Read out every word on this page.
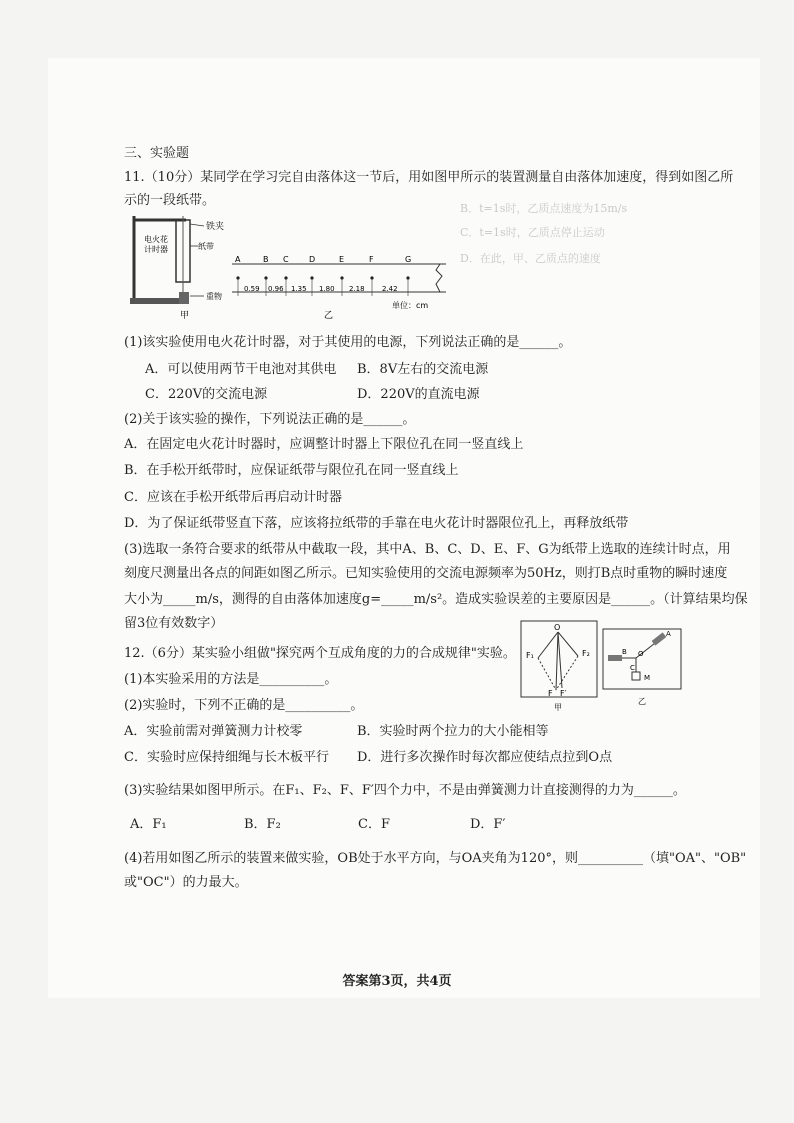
B．t=1s时，乙质点速度为15m/s
C．t=1s时，乙质点停止运动
D．在此，甲、乙质点的速度
三、实验题
11.（10分）某同学在学习完自由落体这一节后，用如图甲所示的装置测量自由落体加速度，得到如图乙所
示的一段纸带。
铁夹
电火花
计时器	纸带
重物
甲
A	B C	D	E	F	G
0.59 0.96 1.35 1.80 2.18 2.42
单位：cm
乙
(1)该实验使用电火花计时器，对于其使用的电源，下列说法正确的是______。
A．可以使用两节干电池对其供电 B．8V左右的交流电源
C．220V的交流电源	D．220V的直流电源
(2)关于该实验的操作，下列说法正确的是______。
A．在固定电火花计时器时，应调整计时器上下限位孔在同一竖直线上
B．在手松开纸带时，应保证纸带与限位孔在同一竖直线上
C．应该在手松开纸带后再启动计时器
D．为了保证纸带竖直下落，应该将拉纸带的手靠在电火花计时器限位孔上，再释放纸带
(3)选取一条符合要求的纸带从中截取一段，其中A、B、C、D、E、F、G为纸带上选取的连续计时点，用
刻度尺测量出各点的间距如图乙所示。已知实验使用的交流电源频率为50Hz，则打B点时重物的瞬时速度
大小为_____m/s，测得的自由落体加速度g=_____m/s²。造成实验误差的主要原因是______。（计算结果均保
留3位有效数字）
12.（6分）某实验小组做"探究两个互成角度的力的合成规律"实验。
(1)本实验采用的方法是__________。
(2)实验时，下列不正确的是__________。
A．实验前需对弹簧测力计校零	B．实验时两个拉力的大小能相等
C．实验时应保持细绳与长木板平行 D．进行多次操作时每次都应使结点拉到O点
(3)实验结果如图甲所示。在F₁、F₂、F、F′四个力中，不是由弹簧测力计直接测得的力为______。
A．F₁	B．F₂	C．F	D．F′
(4)若用如图乙所示的装置来做实验，OB处于水平方向，与OA夹角为120°，则__________（填"OA"、"OB"
或"OC"）的力最大。
O
F₁	F₂
F F′
甲
A
B O
C
M
乙
答案第3页，共4页
